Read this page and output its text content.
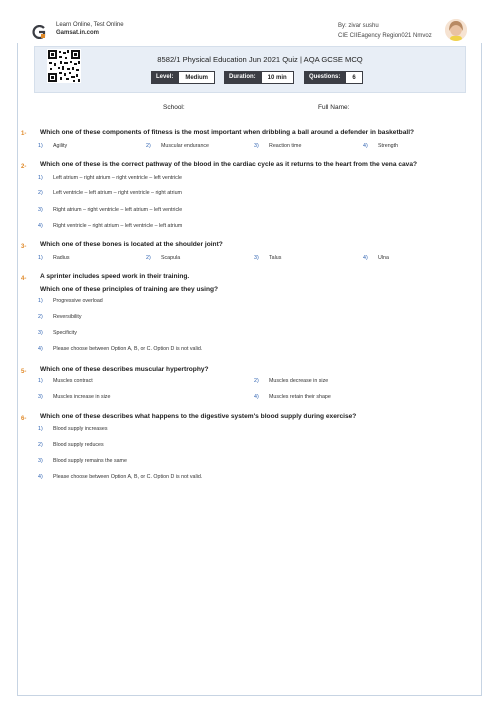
Learn Online, Test Online
Gamsat.in.com
By: zivar sushu
CIE CIIEagency Region021 Nmvoz
8582/1 Physical Education Jun 2021 Quiz | AQA GCSE MCQ
Level:	Medium	Duration:	10 min	Questions:	6
School:	Full Name:
1- Which one of these components of fitness is the most important when dribbling a ball around a defender in basketball?
1) Agility	2) Muscular endurance	3) Reaction time	4) Strength
2- Which one of these is the correct pathway of the blood in the cardiac cycle as it returns to the heart from the vena cava?
1) Left atrium – right atrium – right ventricle – left ventricle
2) Left ventricle – left atrium – right ventricle – right atrium
3) Right atrium – right ventricle – left atrium – left ventricle
4) Right ventricle – right atrium – left ventricle – left atrium
3- Which one of these bones is located at the shoulder joint?
1) Radius	2) Scapula	3) Talus	4) Ulna
4- A sprinter includes speed work in their training.
Which one of these principles of training are they using?
1) Progressive overload
2) Reversibility
3) Specificity
4) Please choose between Option A, B, or C. Option D is not valid.
5- Which one of these describes muscular hypertrophy?
1) Muscles contract	2) Muscles decrease in size
3) Muscles increase in size	4) Muscles retain their shape
6- Which one of these describes what happens to the digestive system's blood supply during exercise?
1) Blood supply increases
2) Blood supply reduces
3) Blood supply remains the same
4) Please choose between Option A, B, or C. Option D is not valid.
